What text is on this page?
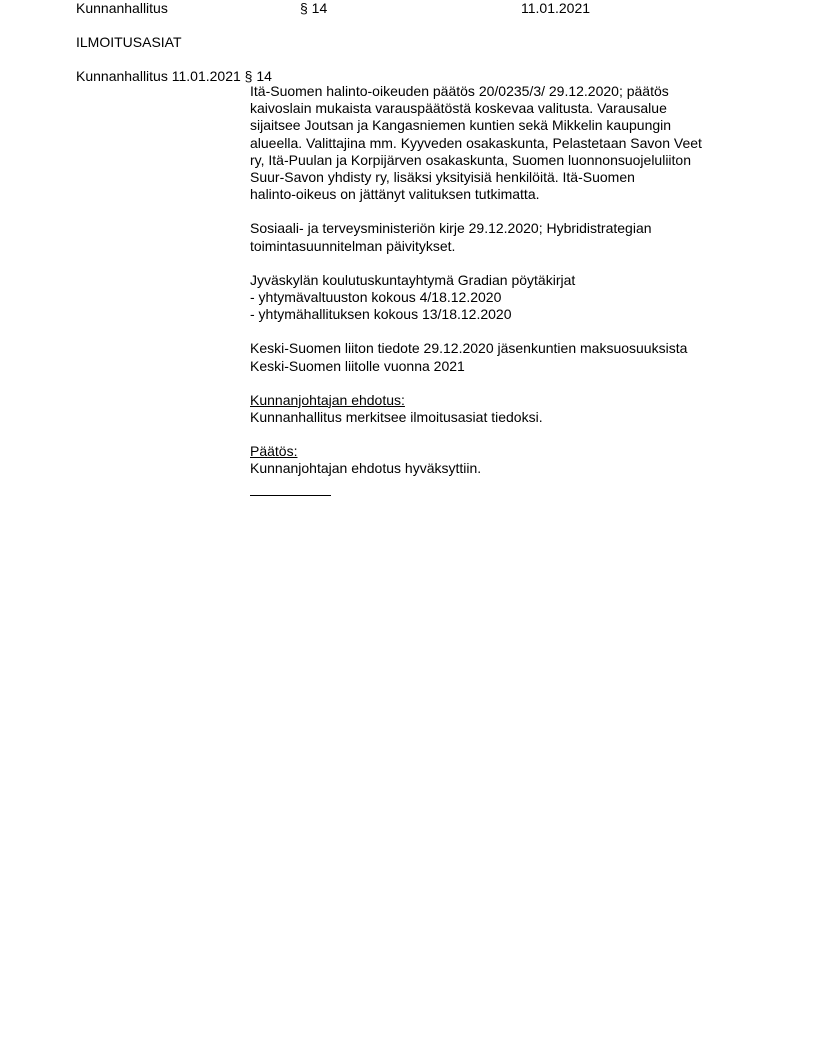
Kunnanhallitus	§ 14	11.01.2021
ILMOITUSASIAT
Kunnanhallitus 11.01.2021 § 14
Itä-Suomen halinto-oikeuden päätös 20/0235/3/ 29.12.2020; päätös
kaivoslain mukaista varauspäätöstä koskevaa valitusta. Varausalue
sijaitsee Joutsan ja Kangasniemen kuntien sekä Mikkelin kaupungin
alueella. Valittajina mm. Kyyveden osakaskunta, Pelastetaan Savon Veet
ry, Itä-Puulan ja Korpijärven osakaskunta, Suomen luonnonsuojeluliiton
Suur-Savon yhdisty ry, lisäksi yksityisiä henkilöitä. Itä-Suomen
halinto-oikeus on jättänyt valituksen tutkimatta.
Sosiaali- ja terveysministeriön kirje 29.12.2020; Hybridistrategian
toimintasuunnitelman päivitykset.
Jyväskylän koulutuskuntayhtymä Gradian pöytäkirjat
- yhtymävaltuuston kokous 4/18.12.2020
- yhtymähallituksen kokous 13/18.12.2020
Keski-Suomen liiton tiedote 29.12.2020 jäsenkuntien maksuosuuksista
Keski-Suomen liitolle vuonna 2021
Kunnanjohtajan ehdotus:
Kunnanhallitus merkitsee ilmoitusasiat tiedoksi.
Päätös:
Kunnanjohtajan ehdotus hyväksyttiin.
